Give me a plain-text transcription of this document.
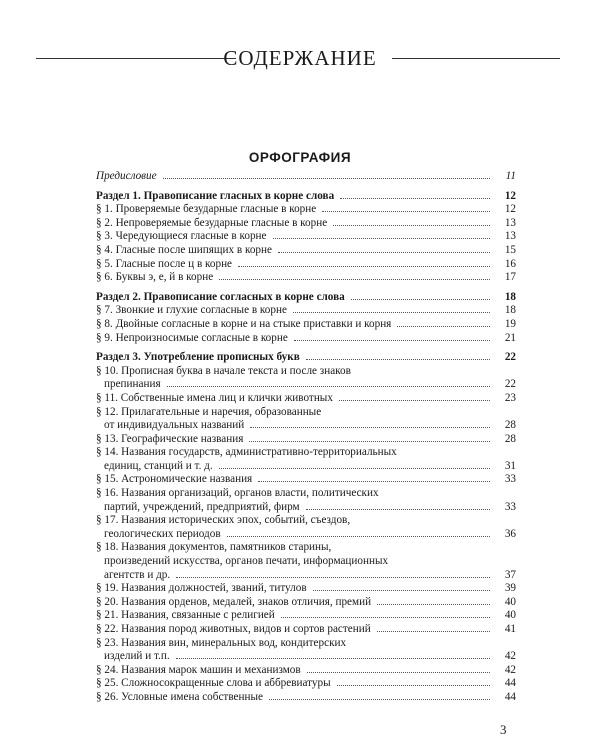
СОДЕРЖАНИЕ
ОРФОГРАФИЯ
Предисловие	11
Раздел 1. Правописание гласных в корне слова	12
§ 1. Проверяемые безударные гласные в корне	12
§ 2. Непроверяемые безударные гласные в корне	13
§ 3. Чередующиеся гласные в корне	13
§ 4. Гласные после шипящих в корне	15
§ 5. Гласные после ц в корне	16
§ 6. Буквы э, е, й в корне	17
Раздел 2. Правописание согласных в корне слова	18
§ 7. Звонкие и глухие согласные в корне	18
§ 8. Двойные согласные в корне и на стыке приставки и корня	19
§ 9. Непроизносимые согласные в корне	21
Раздел 3. Употребление прописных букв	22
§ 10. Прописная буква в начале текста и после знаков
препинания	22
§ 11. Собственные имена лиц и клички животных	23
§ 12. Прилагательные и наречия, образованные
от индивидуальных названий	28
§ 13. Географические названия	28
§ 14. Названия государств, административно-территориальных
единиц, станций и т. д.	31
§ 15. Астрономические названия	33
§ 16. Названия организаций, органов власти, политических
партий, учреждений, предприятий, фирм	33
§ 17. Названия исторических эпох, событий, съездов,
геологических периодов	36
§ 18. Названия документов, памятников старины,
произведений искусства, органов печати, информационных
агентств и др.	37
§ 19. Названия должностей, званий, титулов	39
§ 20. Названия орденов, медалей, знаков отличия, премий	40
§ 21. Названия, связанные с религией	40
§ 22. Названия пород животных, видов и сортов растений	41
§ 23. Названия вин, минеральных вод, кондитерских
изделий и т.п.	42
§ 24. Названия марок машин и механизмов	42
§ 25. Сложносокращенные слова и аббревиатуры	44
§ 26. Условные имена собственные	44
3
